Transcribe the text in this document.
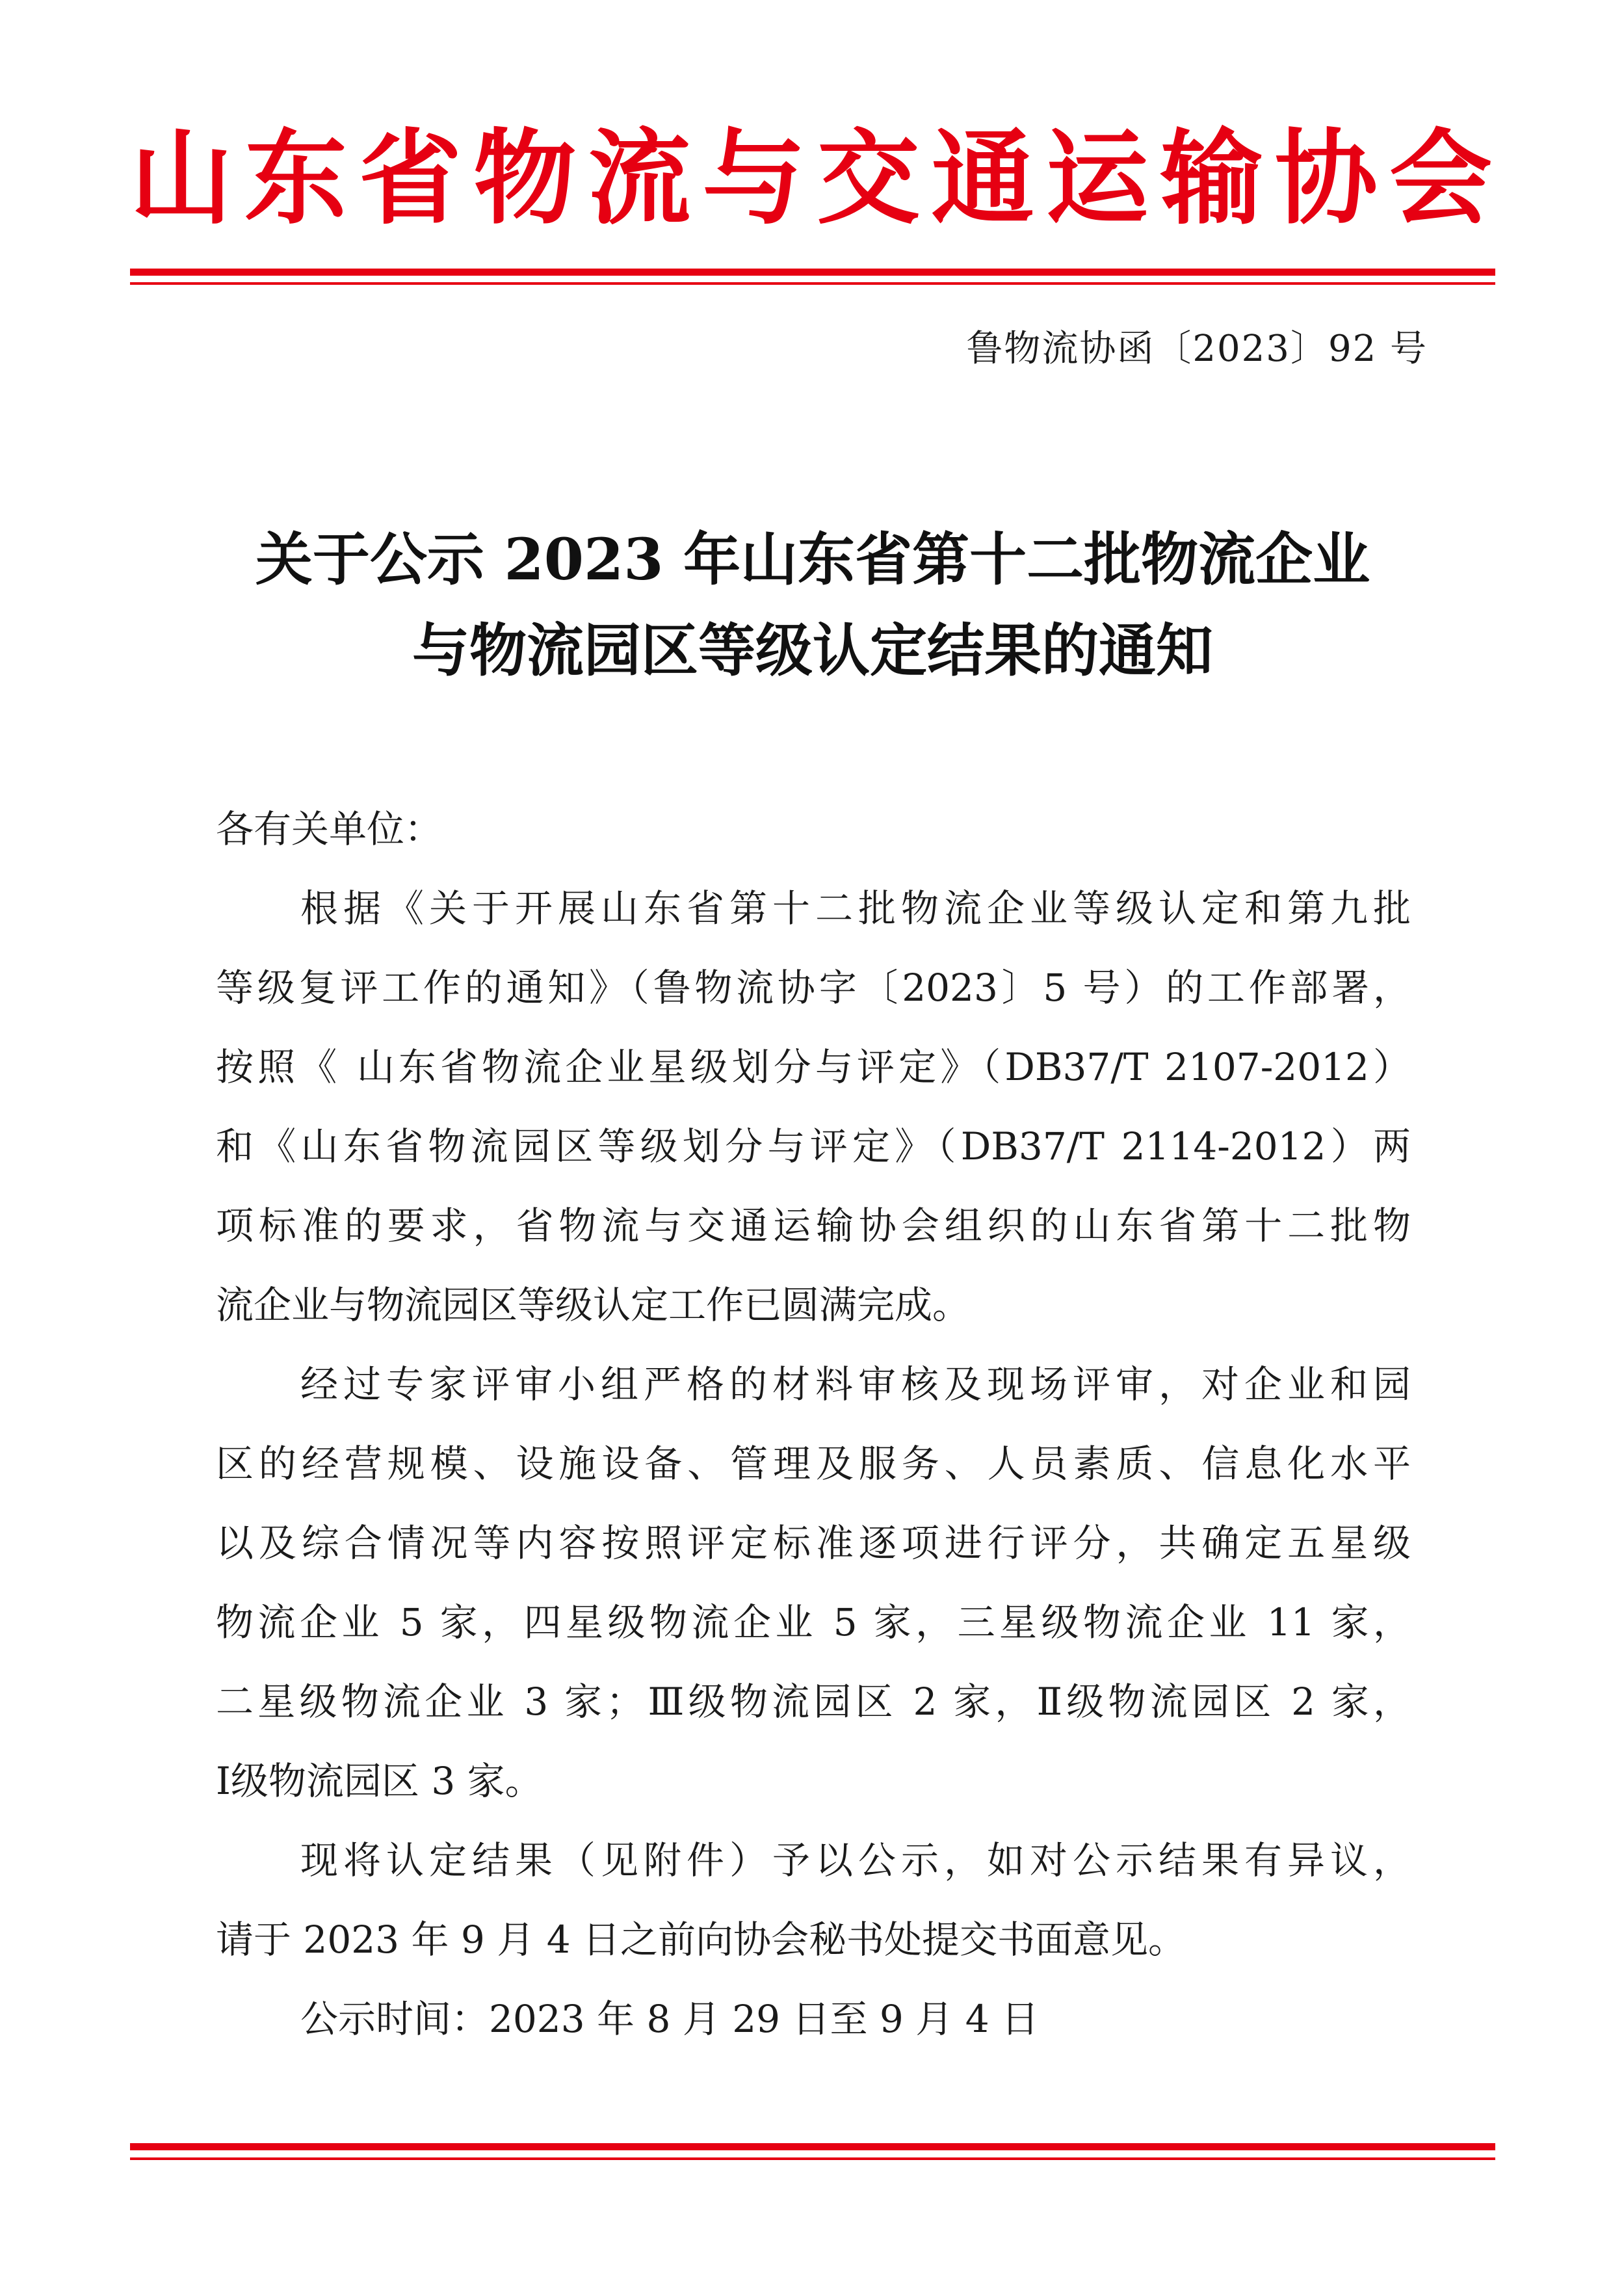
山东省物流与交通运输协会
鲁物流协函〔2023〕92 号
关于公示 2023 年山东省第十二批物流企业
与物流园区等级认定结果的通知
各有关单位：
根据《关于开展山东省第十二批物流企业等级认定和第九批
等级复评工作的通知》（鲁物流协字〔2023〕5 号）的工作部署，
按照《 山东省物流企业星级划分与评定》（DB37/T 2107-2012）
和《山东省物流园区等级划分与评定》（DB37/T 2114-2012）两
项标准的要求，省物流与交通运输协会组织的山东省第十二批物
流企业与物流园区等级认定工作已圆满完成。
经过专家评审小组严格的材料审核及现场评审，对企业和园
区的经营规模、设施设备、管理及服务、人员素质、信息化水平
以及综合情况等内容按照评定标准逐项进行评分，共确定五星级
物流企业 5 家，四星级物流企业 5 家，三星级物流企业 11 家，
二星级物流企业 3 家；Ⅲ级物流园区 2 家，Ⅱ级物流园区 2 家，
Ⅰ级物流园区 3 家。
现将认定结果（见附件）予以公示，如对公示结果有异议，
请于 2023 年 9 月 4 日之前向协会秘书处提交书面意见。
公示时间：2023 年 8 月 29 日至 9 月 4 日
